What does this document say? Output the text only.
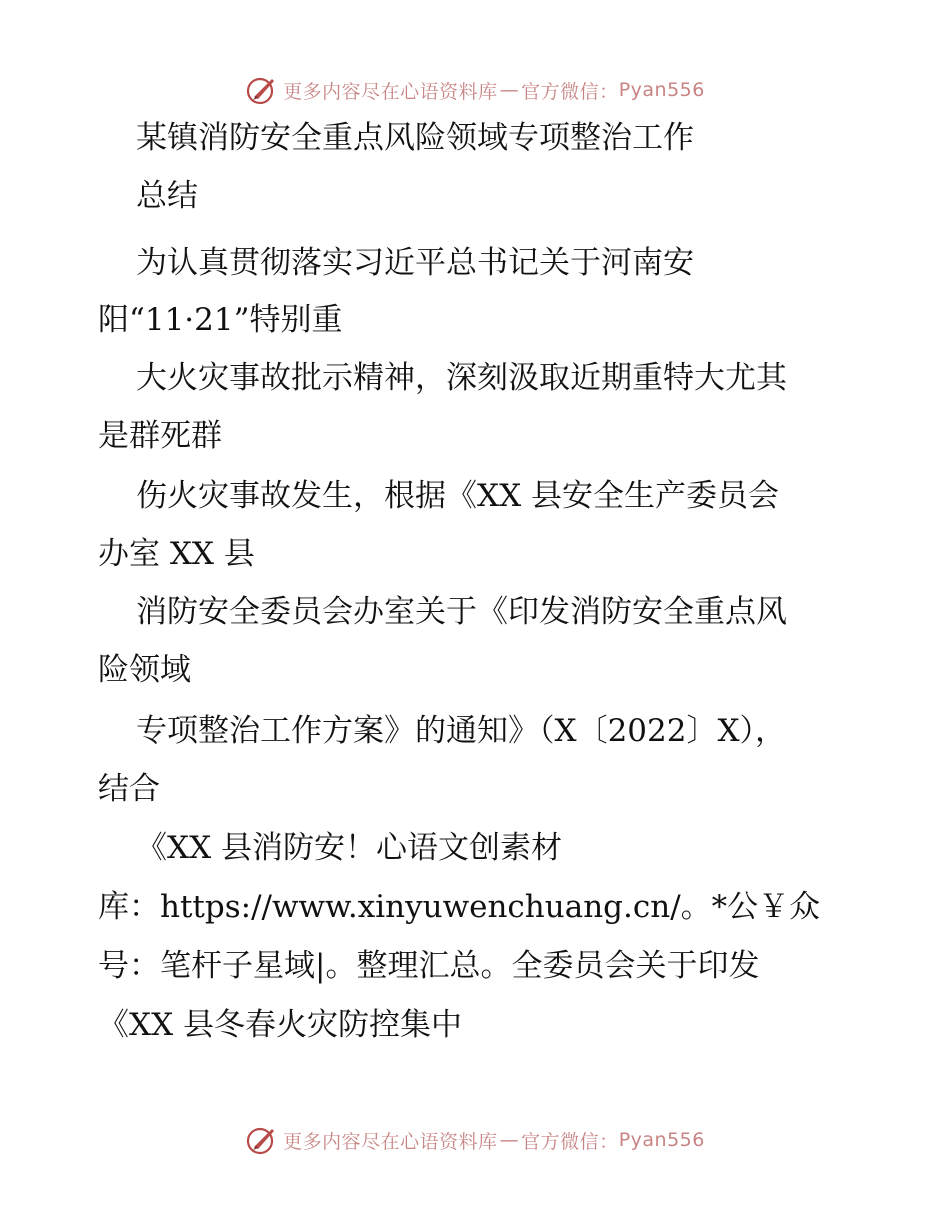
更多内容尽在心语资料库 — 官方微信： Pyan556
某镇消防安全重点风险领域专项整治工作
总结
为认真贯彻落实习近平总书记关于河南安
阳“11·21”特别重
大火灾事故批示精神，深刻汲取近期重特大尤其
是群死群
伤火灾事故发生，根据《XX 县安全生产委员会
办室 XX 县
消防安全委员会办室关于《印发消防安全重点风
险领域
专项整治工作方案》的通知》（X〔2022〕X），
结合
《XX 县消防安！心语文创素材
库：https://www.xinyuwenchuang.cn/。*公￥众
号：笔杆子星域|。整理汇总。全委员会关于印发
《XX 县冬春火灾防控集中
更多内容尽在心语资料库 — 官方微信： Pyan556
